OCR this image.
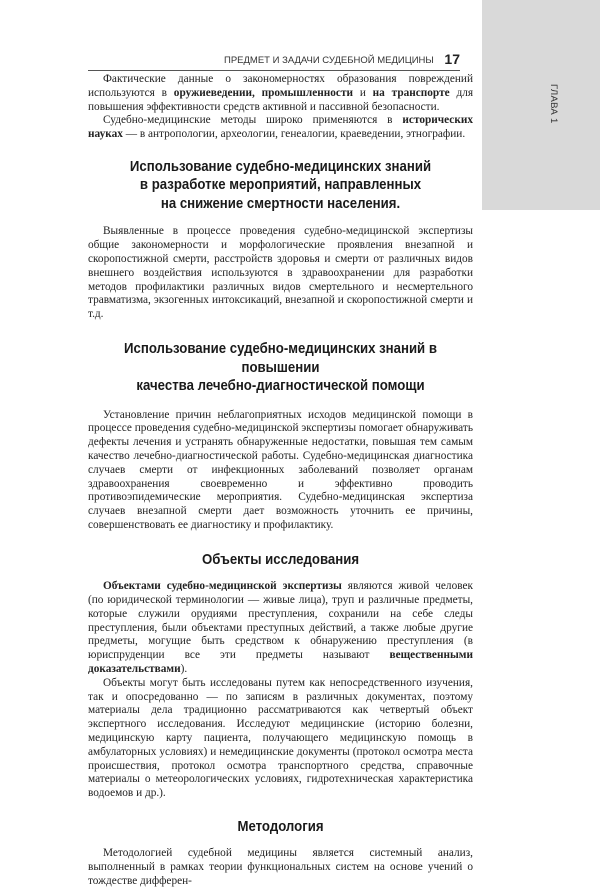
ГЛАВА 1
ПРЕДМЕТ И ЗАДАЧИ СУДЕБНОЙ МЕДИЦИНЫ 17

Фактические данные о закономерностях образования повреждений используются в оружиеведении, промышленности и на транспорте для повышения эффективности средств активной и пассивной безопасности.

Судебно-медицинские методы широко применяются в исторических науках — в антропологии, археологии, генеалогии, краеведении, этнографии.

Использование судебно-медицинских знаний
в разработке мероприятий, направленных
на снижение смертности населения.

Выявленные в процессе проведения судебно-медицинской экспертизы общие закономерности и морфологические проявления внезапной и скоропостижной смерти, расстройств здоровья и смерти от различных видов внешнего воздействия используются в здравоохранении для разработки методов профилактики различных видов смертельного и несмертельного травматизма, экзогенных интоксикаций, внезапной и скоропостижной смерти и т.д.

Использование судебно-медицинских знаний в повышении
качества лечебно-диагностической помощи

Установление причин неблагоприятных исходов медицинской помощи в процессе проведения судебно-медицинской экспертизы помогает обнаруживать дефекты лечения и устранять обнаруженные недостатки, повышая тем самым качество лечебно-диагностической работы. Судебно-медицинская диагностика случаев смерти от инфекционных заболеваний позволяет органам здравоохранения своевременно и эффективно проводить противоэпидемические мероприятия. Судебно-медицинская экспертиза случаев внезапной смерти дает возможность уточнить ее причины, совершенствовать ее диагностику и профилактику.

Объекты исследования

Объектами судебно-медицинской экспертизы являются живой человек (по юридической терминологии — живые лица), труп и различные предметы, которые служили орудиями преступления, сохранили на себе следы преступления, были объектами преступных действий, а также любые другие предметы, могущие быть средством к обнаружению преступления (в юриспруденции все эти предметы называют вещественными доказательствами).

Объекты могут быть исследованы путем как непосредственного изучения, так и опосредованно — по записям в различных документах, поэтому материалы дела традиционно рассматриваются как четвертый объект экспертного исследования. Исследуют медицинские (историю болезни, медицинскую карту пациента, получающего медицинскую помощь в амбулаторных условиях) и немедицинские документы (протокол осмотра места происшествия, протокол осмотра транспортного средства, справочные материалы о метеорологических условиях, гидротехническая характеристика водоемов и др.).

Методология

Методологией судебной медицины является системный анализ, выполненный в рамках теории функциональных систем на основе учений о тождестве дифферен-
